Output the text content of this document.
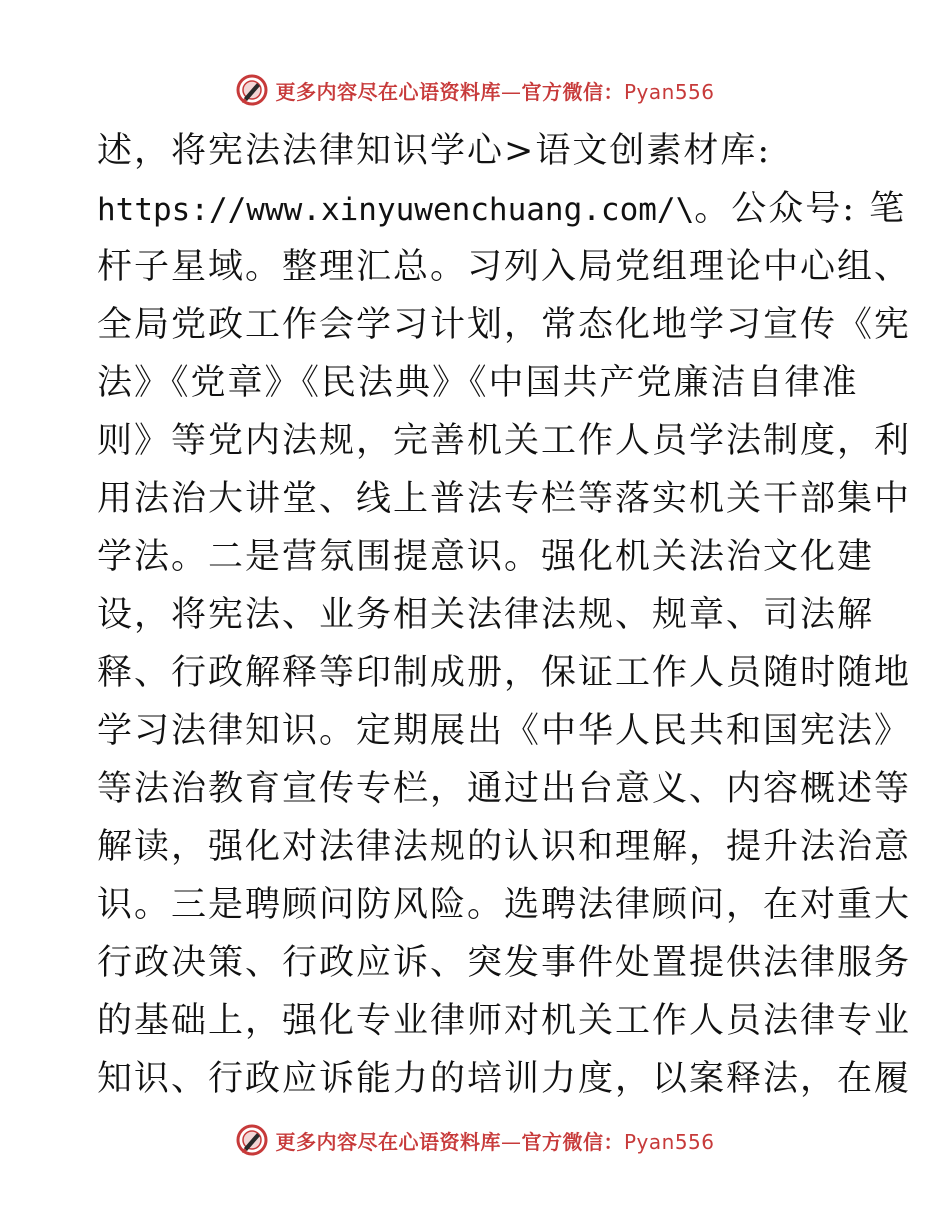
更多内容尽在心语资料库—官方微信：Pyan556
述，将宪法法律知识学心>语文创素材库:
https://www.xinyuwenchuang.com/\。公众号: 笔
杆子星域。整理汇总。习列入局党组理论中心组、
全局党政工作会学习计划，常态化地学习宣传《宪
法》《党章》《民法典》《中国共产党廉洁自律准
则》等党内法规，完善机关工作人员学法制度，利
用法治大讲堂、线上普法专栏等落实机关干部集中
学法。二是营氛围提意识。强化机关法治文化建
设，将宪法、业务相关法律法规、规章、司法解
释、行政解释等印制成册，保证工作人员随时随地
学习法律知识。定期展出《中华人民共和国宪法》
等法治教育宣传专栏，通过出台意义、内容概述等
解读，强化对法律法规的认识和理解，提升法治意
识。三是聘顾问防风险。选聘法律顾问，在对重大
行政决策、行政应诉、突发事件处置提供法律服务
的基础上，强化专业律师对机关工作人员法律专业
知识、行政应诉能力的培训力度，以案释法，在履
更多内容尽在心语资料库—官方微信：Pyan556
